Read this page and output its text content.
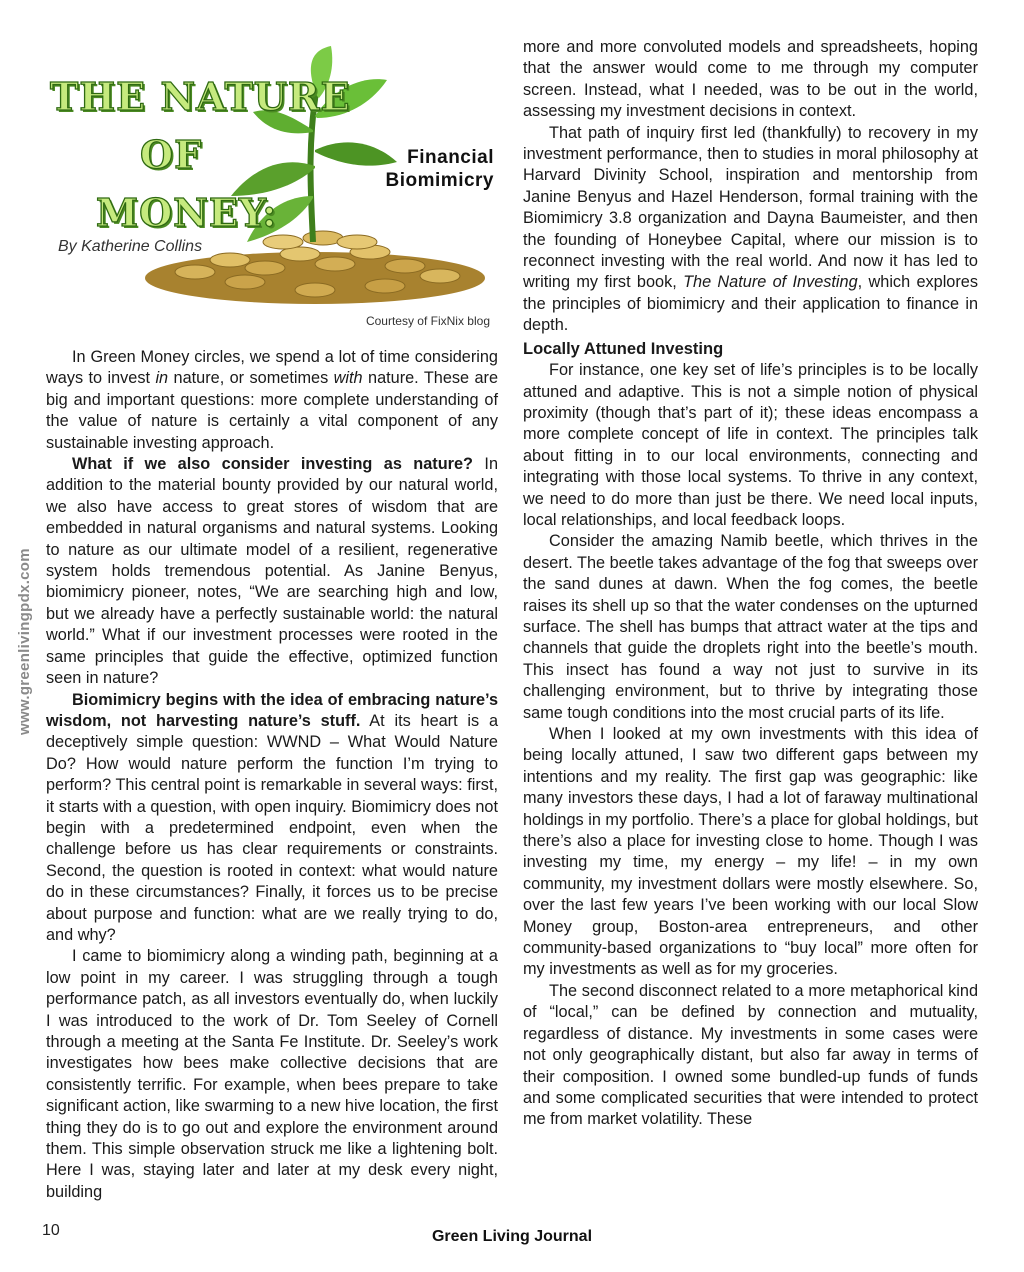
www.greenlivingpdx.com
THE NATURE
OF
MONEY:
Financial
Biomimicry
By Katherine Collins
Courtesy of FixNix blog

In Green Money circles, we spend a lot of time considering ways to invest in nature, or sometimes with nature. These are big and important questions: more complete understanding of the value of nature is certainly a vital component of any sustainable investing approach.

What if we also consider investing as nature? In addition to the material bounty provided by our natural world, we also have access to great stores of wisdom that are embedded in natural organisms and natural systems. Looking to nature as our ultimate model of a resilient, regenerative system holds tremendous potential. As Janine Benyus, biomimicry pioneer, notes, “We are searching high and low, but we already have a perfectly sustainable world: the natural world.” What if our investment processes were rooted in the same principles that guide the effective, optimized function seen in nature?

Biomimicry begins with the idea of embracing nature’s wisdom, not harvesting nature’s stuff. At its heart is a deceptively simple question: WWND – What Would Nature Do? How would nature perform the function I’m trying to perform? This central point is remarkable in several ways: first, it starts with a question, with open inquiry. Biomimicry does not begin with a predetermined endpoint, even when the challenge before us has clear requirements or constraints. Second, the question is rooted in context: what would nature do in these circumstances? Finally, it forces us to be precise about purpose and function: what are we really trying to do, and why?

I came to biomimicry along a winding path, beginning at a low point in my career. I was struggling through a tough performance patch, as all investors eventually do, when luckily I was introduced to the work of Dr. Tom Seeley of Cornell through a meeting at the Santa Fe Institute. Dr. Seeley’s work investigates how bees make collective decisions that are consistently terrific. For example, when bees prepare to take significant action, like swarming to a new hive location, the first thing they do is to go out and explore the environment around them. This simple observation struck me like a lightening bolt. Here I was, staying later and later at my desk every night, building

more and more convoluted models and spreadsheets, hoping that the answer would come to me through my computer screen. Instead, what I needed, was to be out in the world, assessing my investment decisions in context.

That path of inquiry first led (thankfully) to recovery in my investment performance, then to studies in moral philosophy at Harvard Divinity School, inspiration and mentorship from Janine Benyus and Hazel Henderson, formal training with the Biomimicry 3.8 organization and Dayna Baumeister, and then the founding of Honeybee Capital, where our mission is to reconnect investing with the real world. And now it has led to writing my first book, The Nature of Investing, which explores the principles of biomimicry and their application to finance in depth.

Locally Attuned Investing

For instance, one key set of life’s principles is to be locally attuned and adaptive. This is not a simple notion of physical proximity (though that’s part of it); these ideas encompass a more complete concept of life in context. The principles talk about fitting in to our local environments, connecting and integrating with those local systems. To thrive in any context, we need to do more than just be there. We need local inputs, local relationships, and local feedback loops.

Consider the amazing Namib beetle, which thrives in the desert. The beetle takes advantage of the fog that sweeps over the sand dunes at dawn. When the fog comes, the beetle raises its shell up so that the water condenses on the upturned surface. The shell has bumps that attract water at the tips and channels that guide the droplets right into the beetle’s mouth. This insect has found a way not just to survive in its challenging environment, but to thrive by integrating those same tough conditions into the most crucial parts of its life.

When I looked at my own investments with this idea of being locally attuned, I saw two different gaps between my intentions and my reality. The first gap was geographic: like many investors these days, I had a lot of faraway multinational holdings in my portfolio. There’s a place for global holdings, but there’s also a place for investing close to home. Though I was investing my time, my energy – my life! – in my own community, my investment dollars were mostly elsewhere. So, over the last few years I’ve been working with our local Slow Money group, Boston-area entrepreneurs, and other community-based organizations to “buy local” more often for my investments as well as for my groceries.

The second disconnect related to a more metaphorical kind of “local,” can be defined by connection and mutuality, regardless of distance. My investments in some cases were not only geographically distant, but also far away in terms of their composition. I owned some bundled-up funds of funds and some complicated securities that were intended to protect me from market volatility. These

10	Green Living Journal
